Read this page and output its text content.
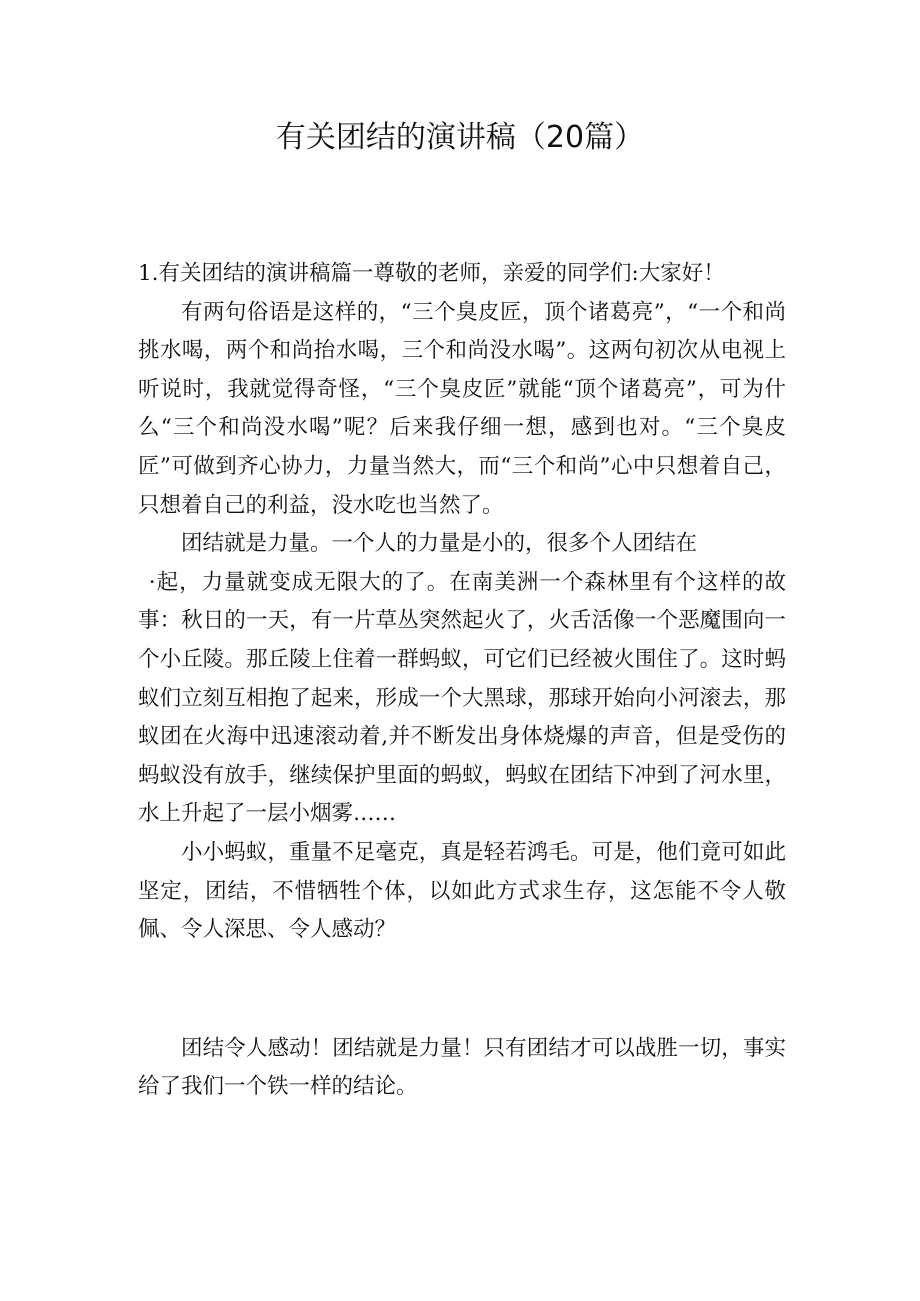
有关团结的演讲稿（20篇）

1.有关团结的演讲稿篇一尊敬的老师，亲爱的同学们:大家好！

有两句俗语是这样的，“三个臭皮匠，顶个诸葛亮”，“一个和尚挑水喝，两个和尚抬水喝，三个和尚没水喝”。这两句初次从电视上听说时，我就觉得奇怪，“三个臭皮匠”就能“顶个诸葛亮”，可为什么“三个和尚没水喝”呢？后来我仔细一想，感到也对。“三个臭皮匠”可做到齐心协力，力量当然大，而“三个和尚”心中只想着自己，只想着自己的利益，没水吃也当然了。

团结就是力量。一个人的力量是小的，很多个人团结在

·起，力量就变成无限大的了。在南美洲一个森林里有个这样的故事：秋日的一天，有一片草丛突然起火了，火舌活像一个恶魔围向一个小丘陵。那丘陵上住着一群蚂蚁，可它们已经被火围住了。这时蚂蚁们立刻互相抱了起来，形成一个大黑球，那球开始向小河滚去，那蚁团在火海中迅速滚动着,并不断发出身体烧爆的声音，但是受伤的蚂蚁没有放手，继续保护里面的蚂蚁，蚂蚁在团结下冲到了河水里，水上升起了一层小烟雾……

小小蚂蚁，重量不足毫克，真是轻若鸿毛。可是，他们竟可如此坚定，团结，不惜牺牲个体，以如此方式求生存，这怎能不令人敬佩、令人深思、令人感动？

团结令人感动！团结就是力量！只有团结才可以战胜一切，事实给了我们一个铁一样的结论。
